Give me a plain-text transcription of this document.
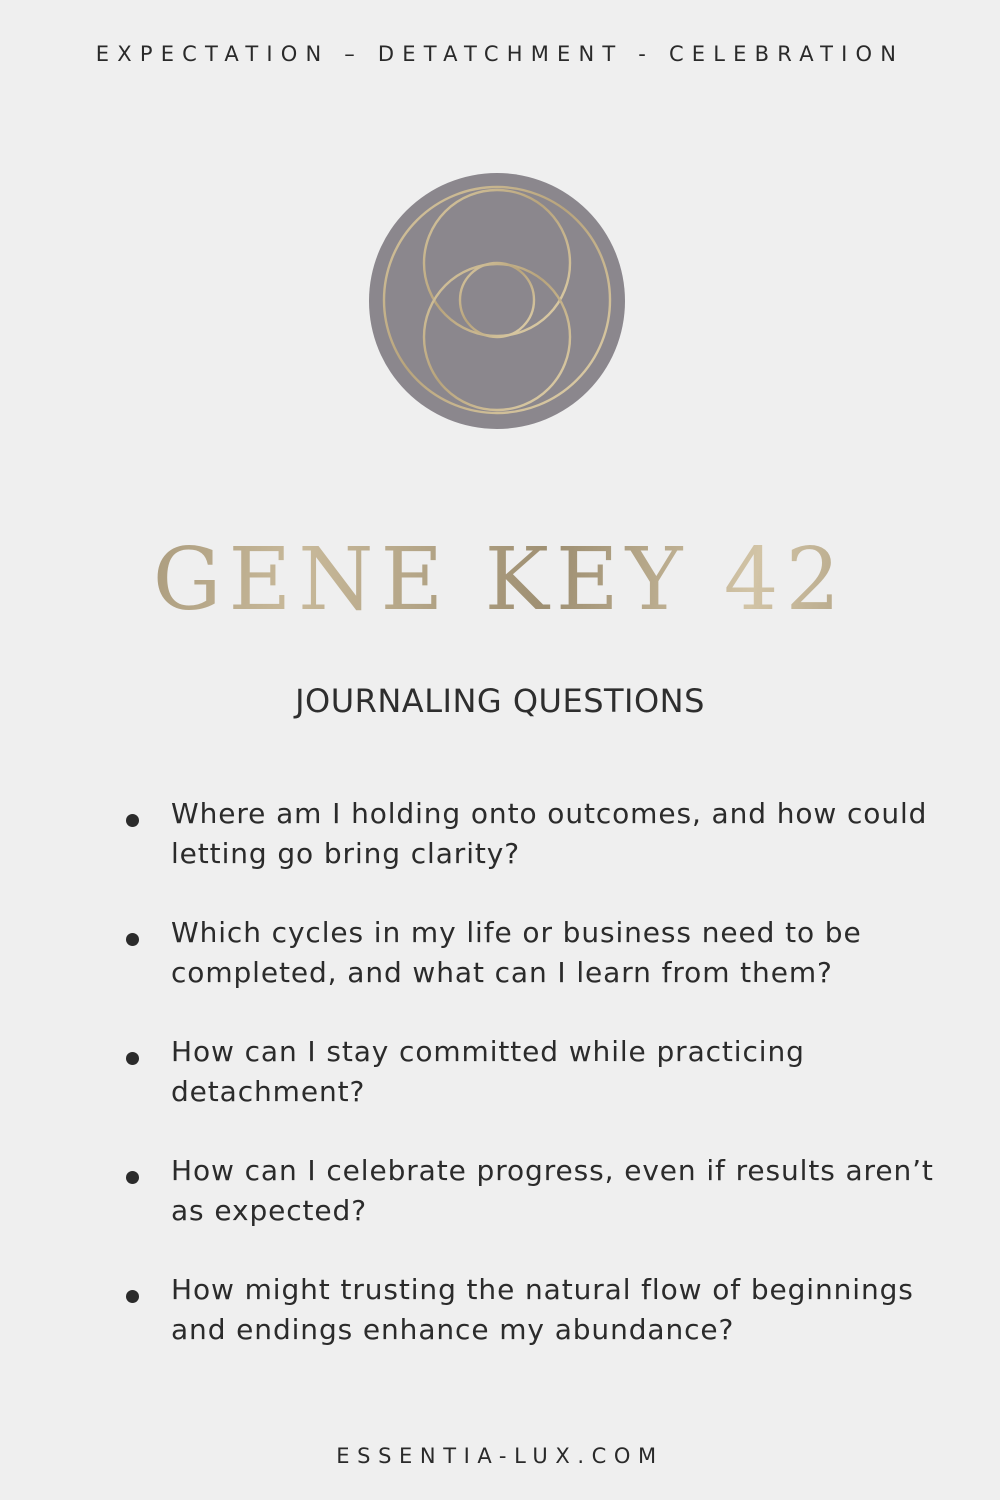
EXPECTATION – DETATCHMENT - CELEBRATION
GENE KEY 42
JOURNALING QUESTIONS
Where am I holding onto outcomes, and how could letting go bring clarity?
Which cycles in my life or business need to be completed, and what can I learn from them?
How can I stay committed while practicing detachment?
How can I celebrate progress, even if results aren’t as expected?
How might trusting the natural flow of beginnings and endings enhance my abundance?
ESSENTIA-LUX.COM
